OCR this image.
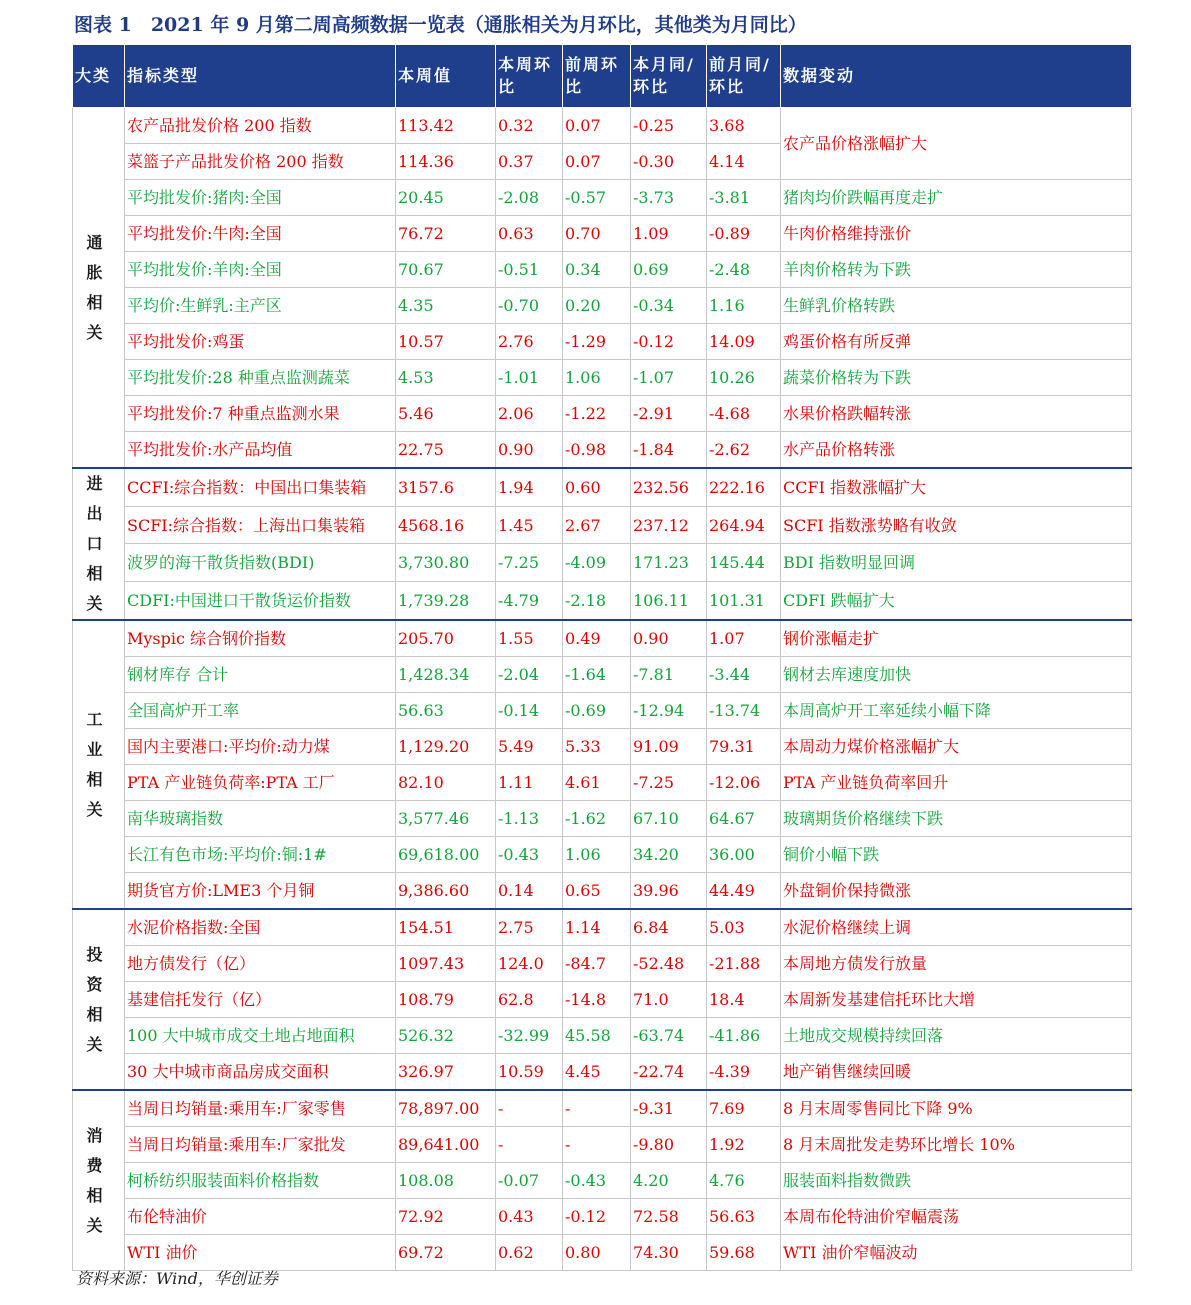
图表 1　2021 年 9 月第二周高频数据一览表（通胀相关为月环比，其他类为月同比）
大类	指标类型	本周值	本周环比	前周环比	本月同/环比	前月同/环比	数据变动
通胀相关	农产品批发价格 200 指数	113.42	0.32	0.07	-0.25	3.68	农产品价格涨幅扩大
	菜篮子产品批发价格 200 指数	114.36	0.37	0.07	-0.30	4.14	
	平均批发价:猪肉:全国	20.45	-2.08	-0.57	-3.73	-3.81	猪肉均价跌幅再度走扩
	平均批发价:牛肉:全国	76.72	0.63	0.70	1.09	-0.89	牛肉价格维持涨价
	平均批发价:羊肉:全国	70.67	-0.51	0.34	0.69	-2.48	羊肉价格转为下跌
	平均价:生鲜乳:主产区	4.35	-0.70	0.20	-0.34	1.16	生鲜乳价格转跌
	平均批发价:鸡蛋	10.57	2.76	-1.29	-0.12	14.09	鸡蛋价格有所反弹
	平均批发价:28 种重点监测蔬菜	4.53	-1.01	1.06	-1.07	10.26	蔬菜价格转为下跌
	平均批发价:7 种重点监测水果	5.46	2.06	-1.22	-2.91	-4.68	水果价格跌幅转涨
	平均批发价:水产品均值	22.75	0.90	-0.98	-1.84	-2.62	水产品价格转涨
进出口相关	CCFI:综合指数：中国出口集装箱	3157.6	1.94	0.60	232.56	222.16	CCFI 指数涨幅扩大
	SCFI:综合指数：上海出口集装箱	4568.16	1.45	2.67	237.12	264.94	SCFI 指数涨势略有收敛
	波罗的海干散货指数(BDI)	3,730.80	-7.25	-4.09	171.23	145.44	BDI 指数明显回调
	CDFI:中国进口干散货运价指数	1,739.28	-4.79	-2.18	106.11	101.31	CDFI 跌幅扩大
工业相关	Myspic 综合钢价指数	205.70	1.55	0.49	0.90	1.07	钢价涨幅走扩
	钢材库存 合计	1,428.34	-2.04	-1.64	-7.81	-3.44	钢材去库速度加快
	全国高炉开工率	56.63	-0.14	-0.69	-12.94	-13.74	本周高炉开工率延续小幅下降
	国内主要港口:平均价:动力煤	1,129.20	5.49	5.33	91.09	79.31	本周动力煤价格涨幅扩大
	PTA 产业链负荷率:PTA 工厂	82.10	1.11	4.61	-7.25	-12.06	PTA 产业链负荷率回升
	南华玻璃指数	3,577.46	-1.13	-1.62	67.10	64.67	玻璃期货价格继续下跌
	长江有色市场:平均价:铜:1#	69,618.00	-0.43	1.06	34.20	36.00	铜价小幅下跌
	期货官方价:LME3 个月铜	9,386.60	0.14	0.65	39.96	44.49	外盘铜价保持微涨
投资相关	水泥价格指数:全国	154.51	2.75	1.14	6.84	5.03	水泥价格继续上调
	地方债发行（亿）	1097.43	124.0	-84.7	-52.48	-21.88	本周地方债发行放量
	基建信托发行（亿）	108.79	62.8	-14.8	71.0	18.4	本周新发基建信托环比大增
	100 大中城市成交土地占地面积	526.32	-32.99	45.58	-63.74	-41.86	土地成交规模持续回落
	30 大中城市商品房成交面积	326.97	10.59	4.45	-22.74	-4.39	地产销售继续回暖
消费相关	当周日均销量:乘用车:厂家零售	78,897.00	-	-	-9.31	7.69	8 月末周零售同比下降 9%
	当周日均销量:乘用车:厂家批发	89,641.00	-	-	-9.80	1.92	8 月末周批发走势环比增长 10%
	柯桥纺织服装面料价格指数	108.08	-0.07	-0.43	4.20	4.76	服装面料指数微跌
	布伦特油价	72.92	0.43	-0.12	72.58	56.63	本周布伦特油价窄幅震荡
	WTI 油价	69.72	0.62	0.80	74.30	59.68	WTI 油价窄幅波动
资料来源：Wind，华创证券
